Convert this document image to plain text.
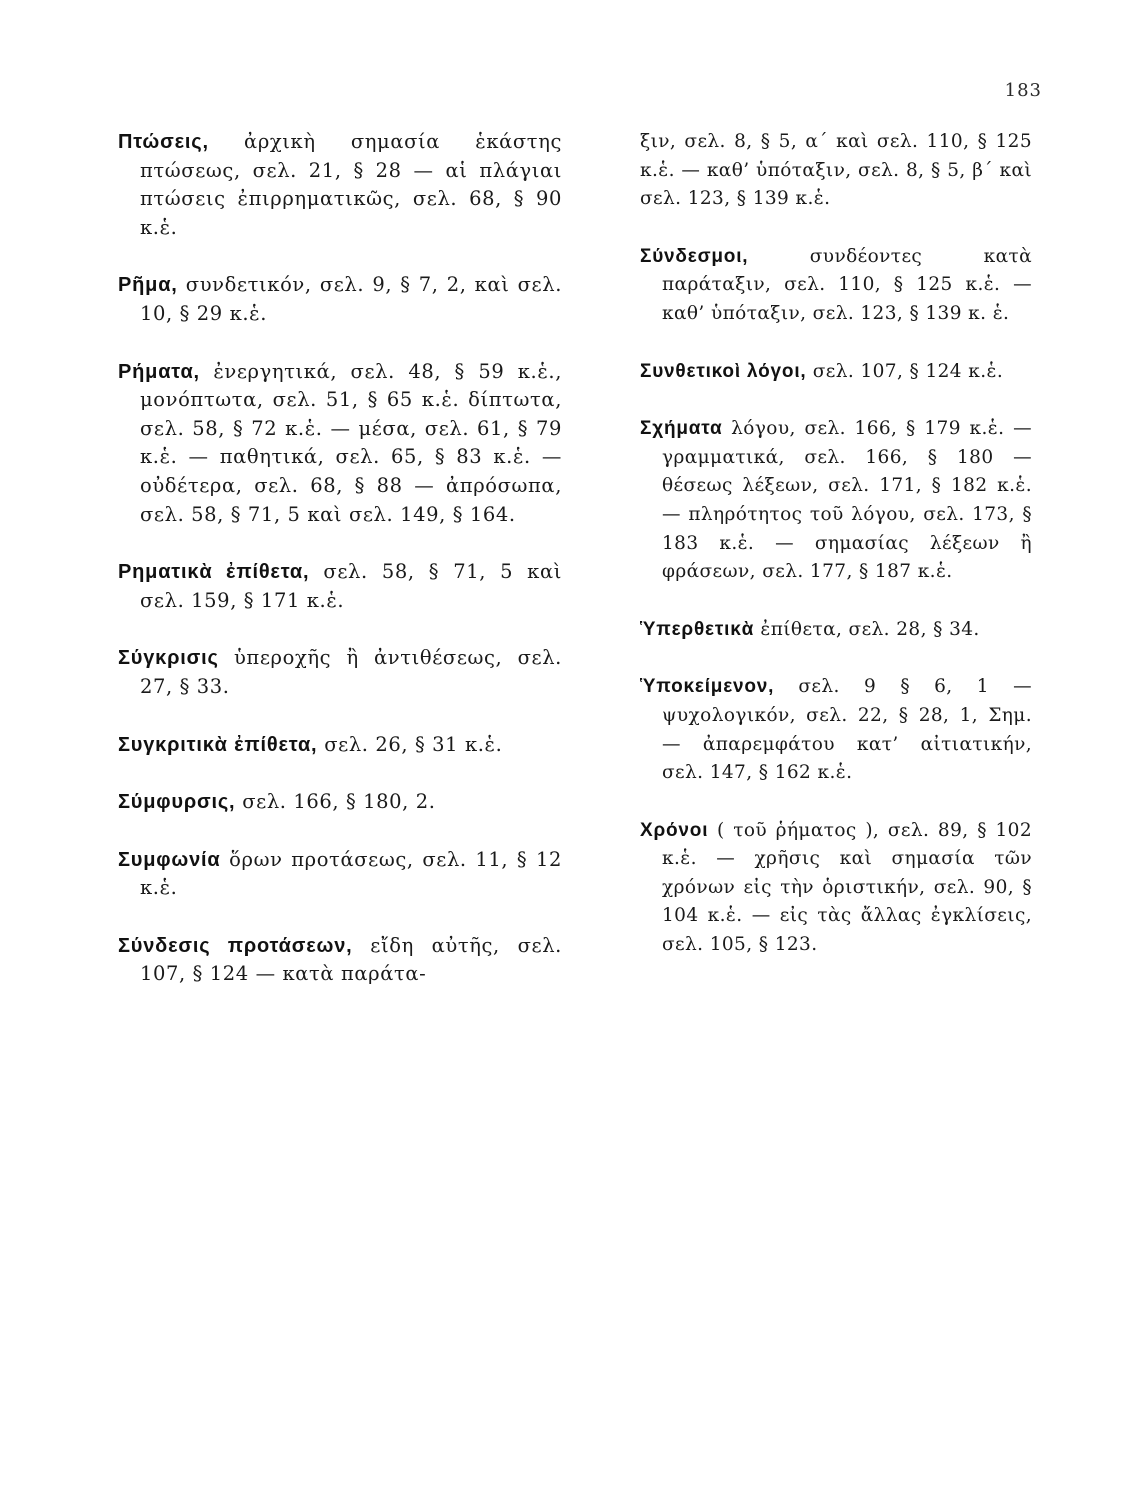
183

Πτώσεις, ἀρχικὴ σημασία ἑκάστης πτώσεως, σελ. 21, § 28 — αἱ πλάγιαι πτώσεις ἐπιρρηματικῶς, σελ. 68, § 90 κ.ἑ.

Ρῆμα, συνδετικόν, σελ. 9, § 7, 2, καὶ σελ. 10, § 29 κ.ἑ.

Ρήματα, ἐνεργητικά, σελ. 48, § 59 κ.ἑ., μονόπτωτα, σελ. 51, § 65 κ.ἑ. δίπτωτα, σελ. 58, § 72 κ.ἑ. — μέσα, σελ. 61, § 79 κ.ἑ. — παθητικά, σελ. 65, § 83 κ.ἑ. — οὐδέτερα, σελ. 68, § 88 — ἀπρόσωπα, σελ. 58, § 71, 5 καὶ σελ. 149, § 164.

Ρηματικὰ ἐπίθετα, σελ. 58, § 71, 5 καὶ σελ. 159, § 171 κ.ἑ.

Σύγκρισις ὑπεροχῆς ἢ ἀντιθέσεως, σελ. 27, § 33.

Συγκριτικὰ ἐπίθετα, σελ. 26, § 31 κ.ἑ.

Σύμφυρσις, σελ. 166, § 180, 2.

Συμφωνία ὅρων προτάσεως, σελ. 11, § 12 κ.ἑ.

Σύνδεσις προτάσεων, εἴδη αὐτῆς, σελ. 107, § 124 — κατὰ παράτα-

ξιν, σελ. 8, § 5, α΄ καὶ σελ. 110, § 125 κ.ἑ. — καθ’ ὑπόταξιν, σελ. 8, § 5, β΄ καὶ σελ. 123, § 139 κ.ἑ.

Σύνδεσμοι, συνδέοντες κατὰ παράταξιν, σελ. 110, § 125 κ.ἑ. — καθ’ ὑπόταξιν, σελ. 123, § 139 κ. ἑ.

Συνθετικοὶ λόγοι, σελ. 107, § 124 κ.ἑ.

Σχήματα λόγου, σελ. 166, § 179 κ.ἑ. — γραμματικά, σελ. 166, § 180 — θέσεως λέξεων, σελ. 171, § 182 κ.ἑ. — πληρότητος τοῦ λόγου, σελ. 173, § 183 κ.ἑ. — σημασίας λέξεων ἢ φράσεων, σελ. 177, § 187 κ.ἑ.

Ὑπερθετικὰ ἐπίθετα, σελ. 28, § 34.

Ὑποκείμενον, σελ. 9 § 6, 1 — ψυχολογικόν, σελ. 22, § 28, 1, Σημ. — ἀπαρεμφάτου κατ’ αἰτιατικήν, σελ. 147, § 162 κ.ἑ.

Χρόνοι ( τοῦ ῥήματος ), σελ. 89, § 102 κ.ἑ. — χρῆσις καὶ σημασία τῶν χρόνων εἰς τὴν ὁριστικήν, σελ. 90, § 104 κ.ἑ. — εἰς τὰς ἄλλας ἐγκλίσεις, σελ. 105, § 123.
